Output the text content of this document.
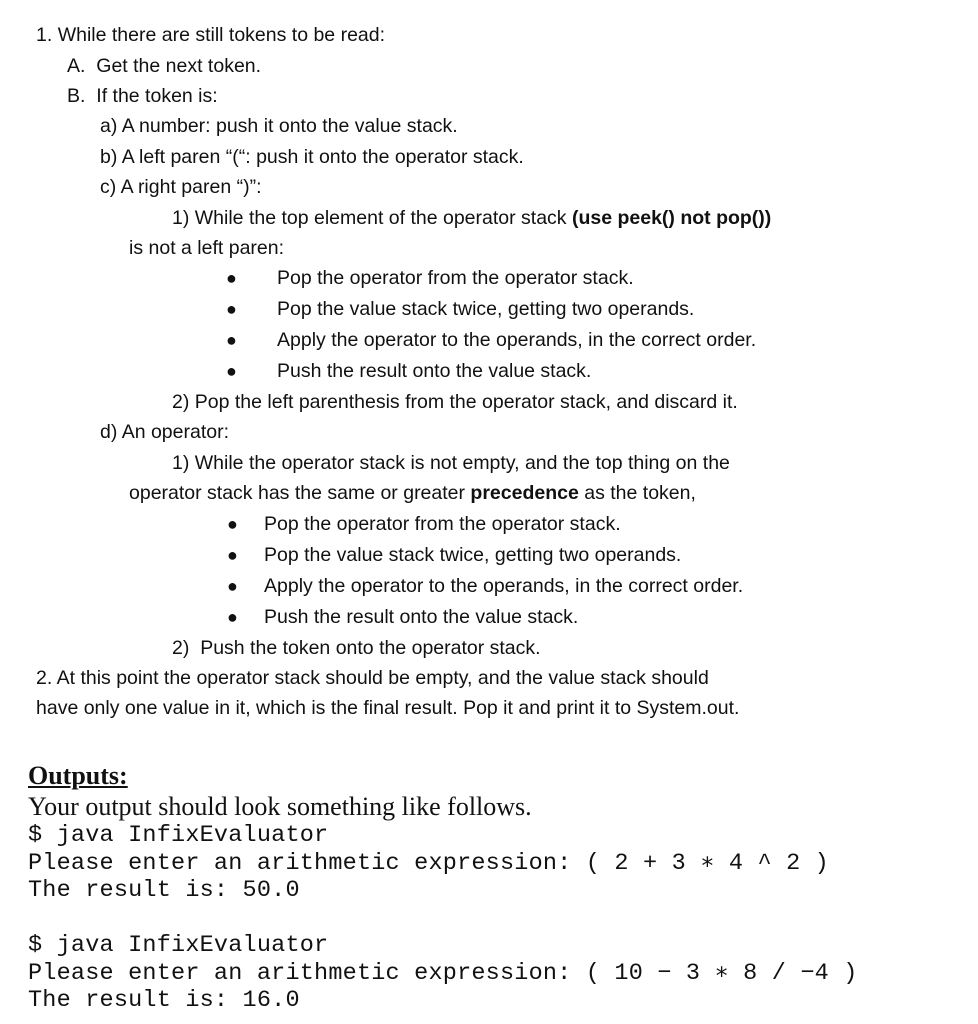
1. While there are still tokens to be read:
A. Get the next token.
B. If the token is:
a) A number: push it onto the value stack.
b) A left paren “(“: push it onto the operator stack.
c) A right paren “)”:
1) While the top element of the operator stack (use peek() not pop())
is not a left paren:
● Pop the operator from the operator stack.
● Pop the value stack twice, getting two operands.
● Apply the operator to the operands, in the correct order.
● Push the result onto the value stack.
2) Pop the left parenthesis from the operator stack, and discard it.
d) An operator:
1) While the operator stack is not empty, and the top thing on the
operator stack has the same or greater precedence as the token,
● Pop the operator from the operator stack.
● Pop the value stack twice, getting two operands.
● Apply the operator to the operands, in the correct order.
● Push the result onto the value stack.
2) Push the token onto the operator stack.
2. At this point the operator stack should be empty, and the value stack should
have only one value in it, which is the final result. Pop it and print it to System.out.
Outputs:
Your output should look something like follows.
$ java InfixEvaluator
Please enter an arithmetic expression: ( 2 + 3 ∗ 4 ^ 2 )
The result is: 50.0
$ java InfixEvaluator
Please enter an arithmetic expression: ( 10 − 3 ∗ 8 / −4 )
The result is: 16.0
